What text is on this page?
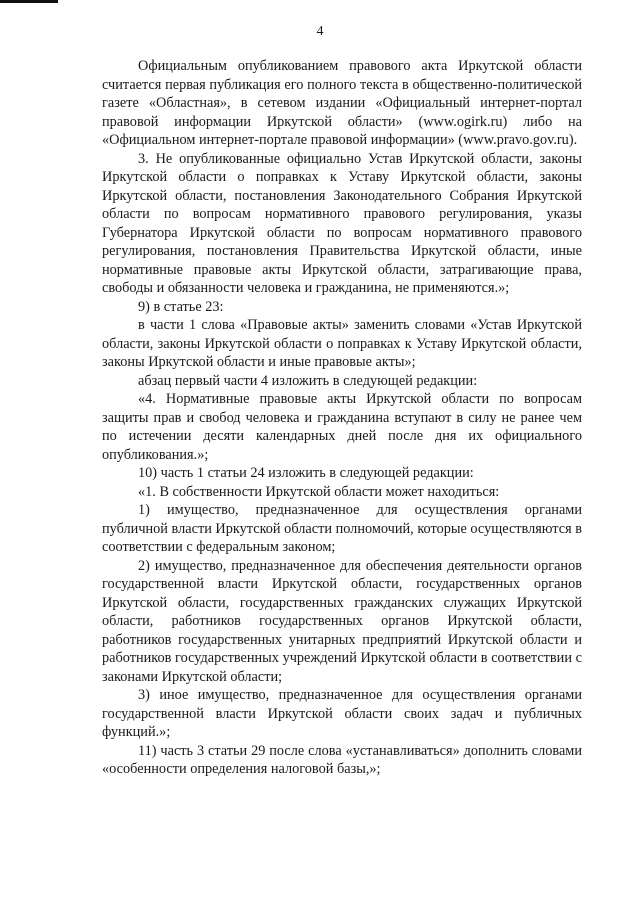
4

Официальным опубликованием правового акта Иркутской области считается первая публикация его полного текста в общественно-политической газете «Областная», в сетевом издании «Официальный интернет-портал правовой информации Иркутской области» (www.ogirk.ru) либо на «Официальном интернет-портале правовой информации» (www.pravo.gov.ru).

3. Не опубликованные официально Устав Иркутской области, законы Иркутской области о поправках к Уставу Иркутской области, законы Иркутской области, постановления Законодательного Собрания Иркутской области по вопросам нормативного правового регулирования, указы Губернатора Иркутской области по вопросам нормативного правового регулирования, постановления Правительства Иркутской области, иные нормативные правовые акты Иркутской области, затрагивающие права, свободы и обязанности человека и гражданина, не применяются.»;

9) в статье 23:

в части 1 слова «Правовые акты» заменить словами «Устав Иркутской области, законы Иркутской области о поправках к Уставу Иркутской области, законы Иркутской области и иные правовые акты»;

абзац первый части 4 изложить в следующей редакции:

«4. Нормативные правовые акты Иркутской области по вопросам защиты прав и свобод человека и гражданина вступают в силу не ранее чем по истечении десяти календарных дней после дня их официального опубликования.»;

10) часть 1 статьи 24 изложить в следующей редакции:

«1. В собственности Иркутской области может находиться:

1) имущество, предназначенное для осуществления органами публичной власти Иркутской области полномочий, которые осуществляются в соответствии с федеральным законом;

2) имущество, предназначенное для обеспечения деятельности органов государственной власти Иркутской области, государственных органов Иркутской области, государственных гражданских служащих Иркутской области, работников государственных органов Иркутской области, работников государственных унитарных предприятий Иркутской области и работников государственных учреждений Иркутской области в соответствии с законами Иркутской области;

3) иное имущество, предназначенное для осуществления органами государственной власти Иркутской области своих задач и публичных функций.»;

11) часть 3 статьи 29 после слова «устанавливаться» дополнить словами «особенности определения налоговой базы,»;
